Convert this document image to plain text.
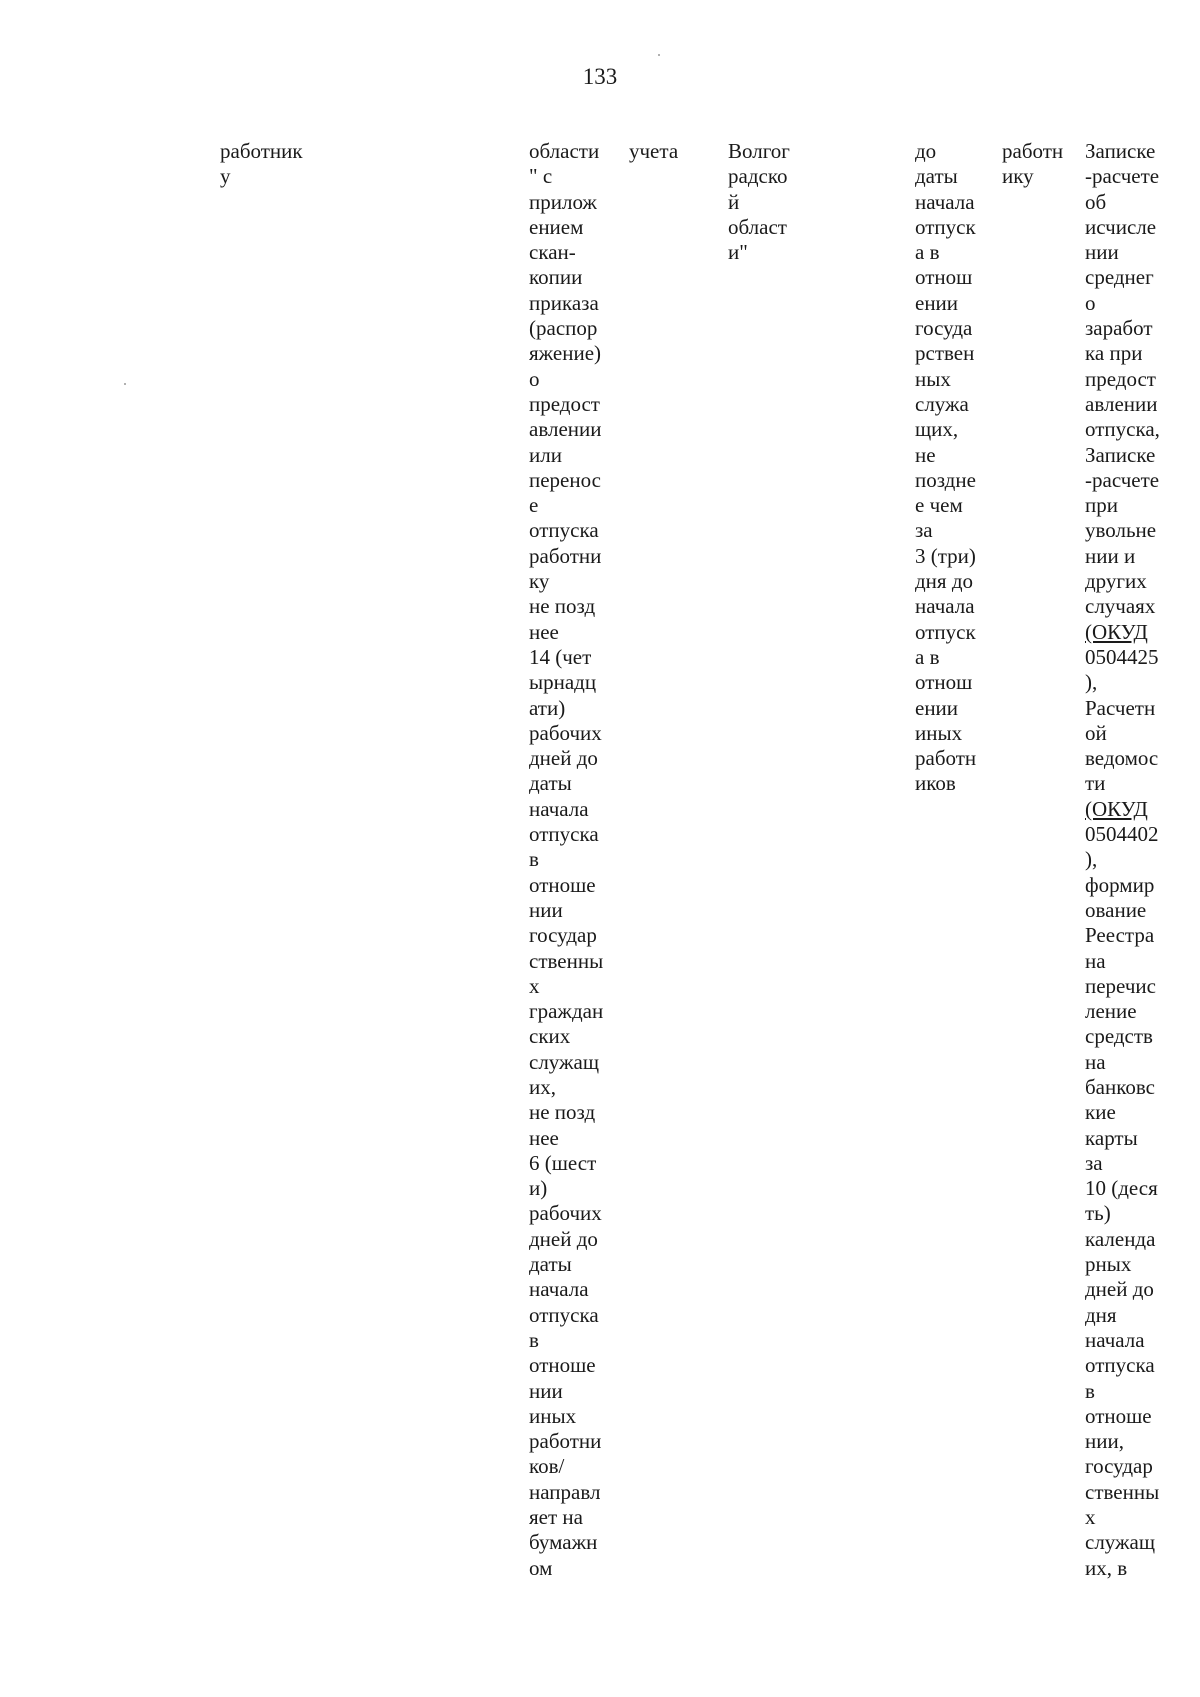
133
работник
у
области
" с
прилож
ением
скан-
копии
приказа
(распор
яжение)
о
предост
авлении
или
перенос
е
отпуска
работни
ку
не позд
нее
14 (чет
ырнадц
ати)
рабочих
дней до
даты
начала
отпуска
в
отноше
нии
государ
ственны
х
граждан
ских
служащ
их,
не позд
нее
6 (шест
и)
рабочих
дней до
даты
начала
отпуска
в
отноше
нии
иных
работни
ков/
направл
яет на
бумажн
ом
учета Волгог
радско
й
област
и"
до
даты
начала
отпуск
а в
отнош
ении
госуда
рствен
ных
служа
щих,
не
поздне
е чем
за
3 (три)
дня до
начала
отпуск
а в
отнош
ении
иных
работн
иков
работн
ику
Записке
-расчете
об
исчисле
нии
среднег
о
заработ
ка при
предост
авлении
отпуска,
Записке
-расчете
при
увольне
нии и
других
случаях
(ОКУД
0504425
),
Расчетн
ой
ведомос
ти
(ОКУД
0504402
),
формир
ование
Реестра
на
перечис
ление
средств
на
банковс
кие
карты
за
10 (деся
ть)
календа
рных
дней до
дня
начала
отпуска
в
отноше
нии,
государ
ственны
х
служащ
их, в
